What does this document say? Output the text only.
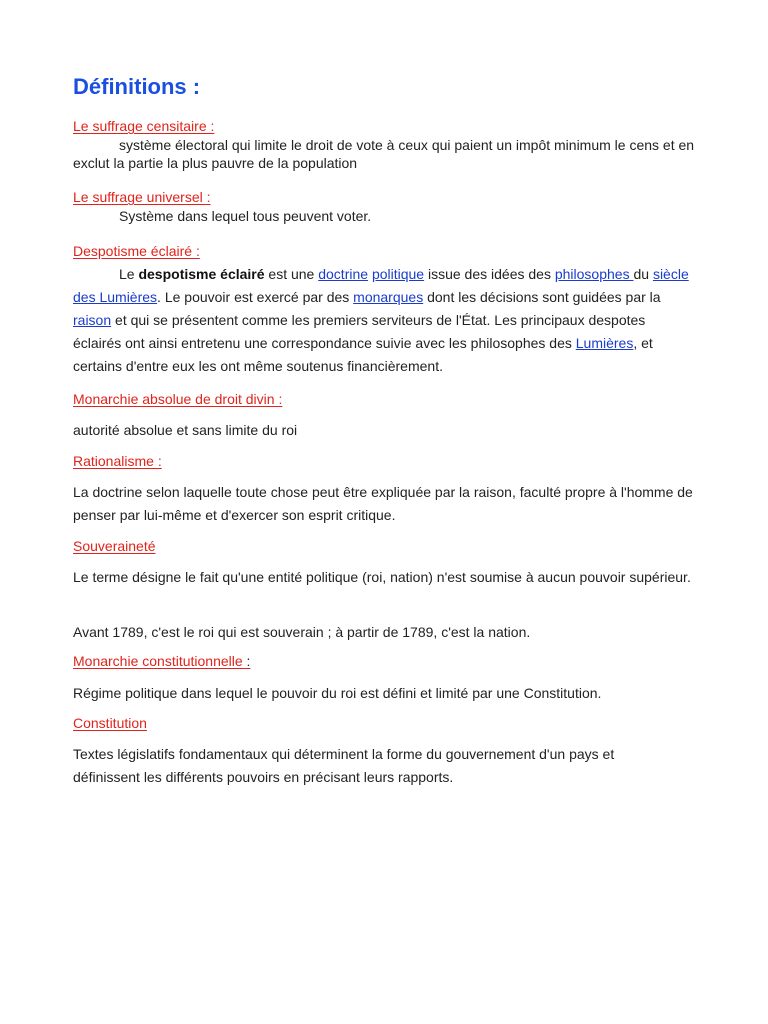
Définitions :
Le suffrage censitaire :
système électoral qui limite le droit de vote à ceux qui paient un impôt minimum le cens et en exclut la partie la plus pauvre de la population
Le suffrage universel :
Système dans lequel tous peuvent voter.
Despotisme éclairé :
Le despotisme éclairé est une doctrine politique issue des idées des philosophes du siècle des Lumières. Le pouvoir est exercé par des monarques dont les décisions sont guidées par la raison et qui se présentent comme les premiers serviteurs de l'État. Les principaux despotes éclairés ont ainsi entretenu une correspondance suivie avec les philosophes des Lumières, et certains d'entre eux les ont même soutenus financièrement.
Monarchie absolue de droit divin :
autorité absolue et sans limite du roi
Rationalisme :
La doctrine selon laquelle toute chose peut être expliquée par la raison, faculté propre à l'homme de penser par lui-même et d'exercer son esprit critique.
Souveraineté
Le terme désigne le fait qu'une entité politique (roi, nation) n'est soumise à aucun pouvoir supérieur.
Avant 1789, c'est le roi qui est souverain ; à partir de 1789, c'est la nation.
Monarchie constitutionnelle :
Régime politique dans lequel le pouvoir du roi est défini et limité par une Constitution.
Constitution
Textes législatifs fondamentaux qui déterminent la forme du gouvernement d'un pays et définissent les différents pouvoirs en précisant leurs rapports.
